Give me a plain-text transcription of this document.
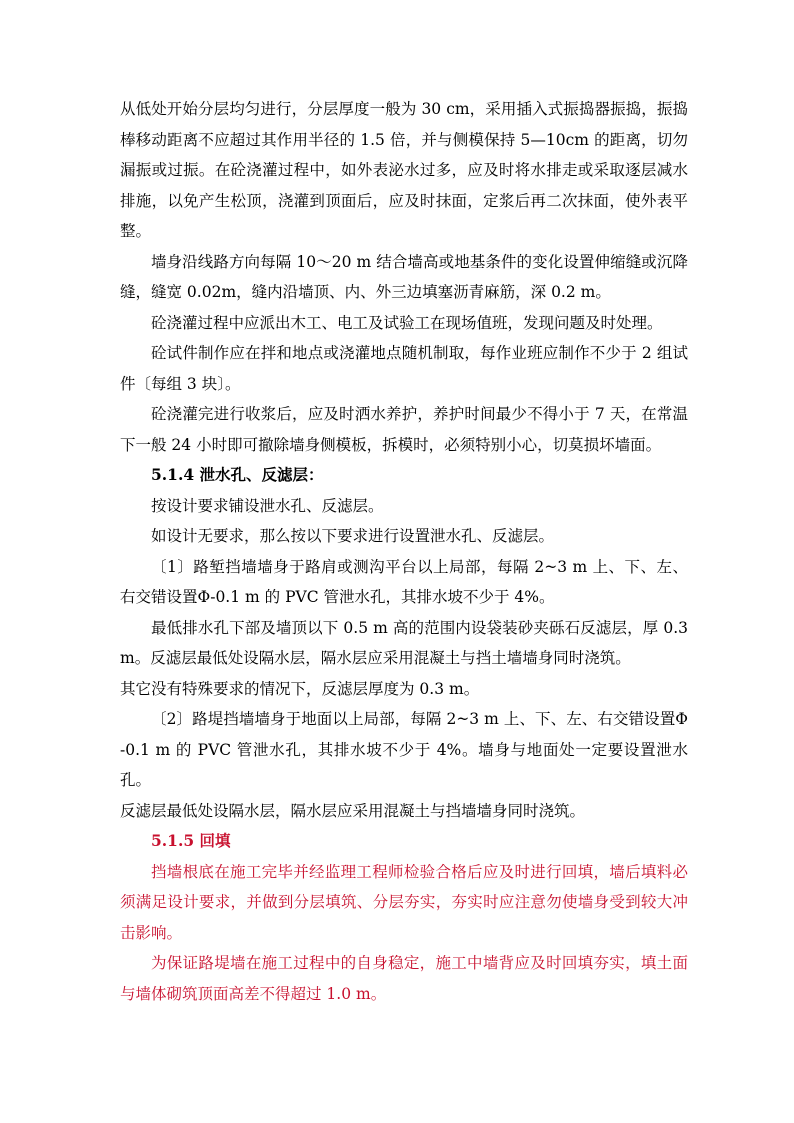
从低处开始分层均匀进行，分层厚度一般为 30 cm，采用插入式振捣器振捣，振捣棒移动距离不应超过其作用半径的 1.5 倍，并与侧模保持 5—10cm 的距离，切勿漏振或过振。在砼浇灌过程中，如外表泌水过多，应及时将水排走或采取逐层减水排施，以免产生松顶，浇灌到顶面后，应及时抹面，定浆后再二次抹面，使外表平整。

墙身沿线路方向每隔 10～20 m 结合墙高或地基条件的变化设置伸缩缝或沉降缝，缝宽 0.02m，缝内沿墙顶、内、外三边填塞沥青麻筋，深 0.2 m。

砼浇灌过程中应派出木工、电工及试验工在现场值班，发现问题及时处理。

砼试件制作应在拌和地点或浇灌地点随机制取，每作业班应制作不少于 2 组试件〔每组 3 块〕。

砼浇灌完进行收浆后，应及时洒水养护，养护时间最少不得小于 7 天，在常温下一般 24 小时即可撤除墙身侧模板，拆模时，必须特别小心，切莫损坏墙面。

5.1.4 泄水孔、反滤层：

按设计要求铺设泄水孔、反滤层。

如设计无要求，那么按以下要求进行设置泄水孔、反滤层。

〔1〕路堑挡墙墙身于路肩或测沟平台以上局部，每隔 2~3 m 上、下、左、右交错设置Φ-0.1 m 的 PVC 管泄水孔，其排水坡不少于 4%。

最低排水孔下部及墙顶以下 0.5 m 高的范围内设袋装砂夹砾石反滤层，厚 0.3 m。反滤层最低处设隔水层，隔水层应采用混凝土与挡土墙墙身同时浇筑。

其它没有特殊要求的情况下，反滤层厚度为 0.3 m。

〔2〕路堤挡墙墙身于地面以上局部，每隔 2~3 m 上、下、左、右交错设置Φ-0.1 m 的 PVC 管泄水孔，其排水坡不少于 4%。墙身与地面处一定要设置泄水孔。

反滤层最低处设隔水层，隔水层应采用混凝土与挡墙墙身同时浇筑。

5.1.5 回填

挡墙根底在施工完毕并经监理工程师检验合格后应及时进行回填，墙后填料必须满足设计要求，并做到分层填筑、分层夯实，夯实时应注意勿使墙身受到较大冲击影响。

为保证路堤墙在施工过程中的自身稳定，施工中墙背应及时回填夯实，填土面与墙体砌筑顶面高差不得超过 1.0 m。
